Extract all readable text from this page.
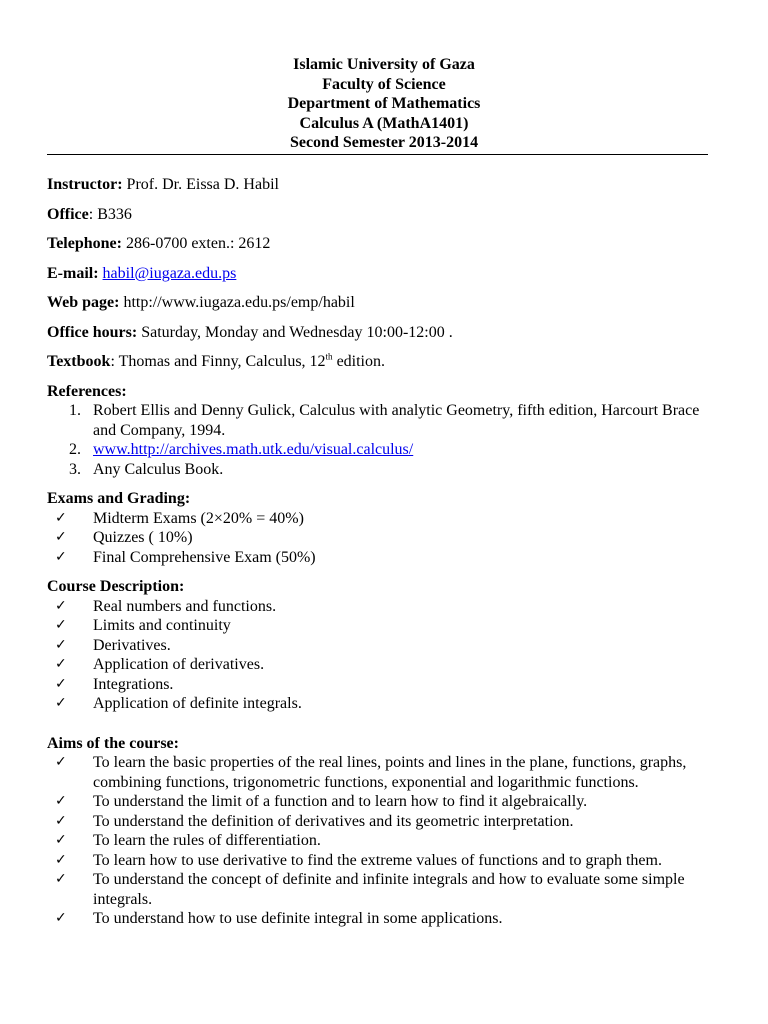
Islamic University of Gaza
Faculty of Science
Department of Mathematics
Calculus A (MathA1401)
Second Semester 2013-2014
Instructor: Prof. Dr. Eissa D. Habil
Office: B336
Telephone: 286-0700 exten.: 2612
E-mail: habil@iugaza.edu.ps
Web page: http://www.iugaza.edu.ps/emp/habil
Office hours: Saturday, Monday and Wednesday 10:00-12:00 .
Textbook: Thomas and Finny, Calculus, 12th edition.
References:
1. Robert Ellis and Denny Gulick, Calculus with analytic Geometry, fifth edition, Harcourt Brace and Company, 1994.
2. www.http://archives.math.utk.edu/visual.calculus/
3. Any Calculus Book.
Exams and Grading:
✓ Midterm Exams (2×20% = 40%)
✓ Quizzes ( 10%)
✓ Final Comprehensive Exam (50%)
Course Description:
✓ Real numbers and functions.
✓ Limits and continuity
✓ Derivatives.
✓ Application of derivatives.
✓ Integrations.
✓ Application of definite integrals.
Aims of the course:
✓ To learn the basic properties of the real lines, points and lines in the plane, functions, graphs, combining functions, trigonometric functions, exponential and logarithmic functions.
✓ To understand the limit of a function and to learn how to find it algebraically.
✓ To understand the definition of derivatives and its geometric interpretation.
✓ To learn the rules of differentiation.
✓ To learn how to use derivative to find the extreme values of functions and to graph them.
✓ To understand the concept of definite and infinite integrals and how to evaluate some simple integrals.
✓ To understand how to use definite integral in some applications.
